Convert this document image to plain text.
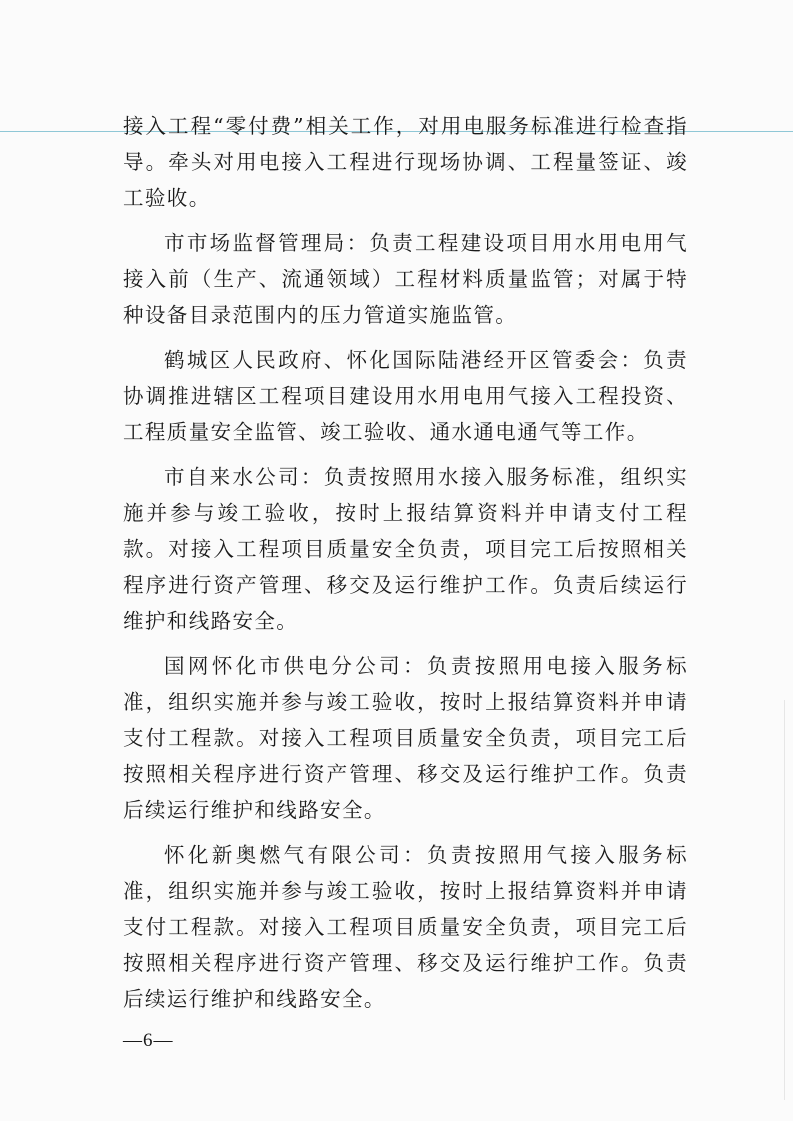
接入工程“零付费”相关工作，对用电服务标准进行检查指导。牵头对用电接入工程进行现场协调、工程量签证、竣工验收。

市市场监督管理局：负责工程建设项目用水用电用气接入前（生产、流通领域）工程材料质量监管；对属于特种设备目录范围内的压力管道实施监管。

鹤城区人民政府、怀化国际陆港经开区管委会：负责协调推进辖区工程项目建设用水用电用气接入工程投资、工程质量安全监管、竣工验收、通水通电通气等工作。

市自来水公司：负责按照用水接入服务标准，组织实施并参与竣工验收，按时上报结算资料并申请支付工程款。对接入工程项目质量安全负责，项目完工后按照相关程序进行资产管理、移交及运行维护工作。负责后续运行维护和线路安全。

国网怀化市供电分公司：负责按照用电接入服务标准，组织实施并参与竣工验收，按时上报结算资料并申请支付工程款。对接入工程项目质量安全负责，项目完工后按照相关程序进行资产管理、移交及运行维护工作。负责后续运行维护和线路安全。

怀化新奥燃气有限公司：负责按照用气接入服务标准，组织实施并参与竣工验收，按时上报结算资料并申请支付工程款。对接入工程项目质量安全负责，项目完工后按照相关程序进行资产管理、移交及运行维护工作。负责后续运行维护和线路安全。

—6—
